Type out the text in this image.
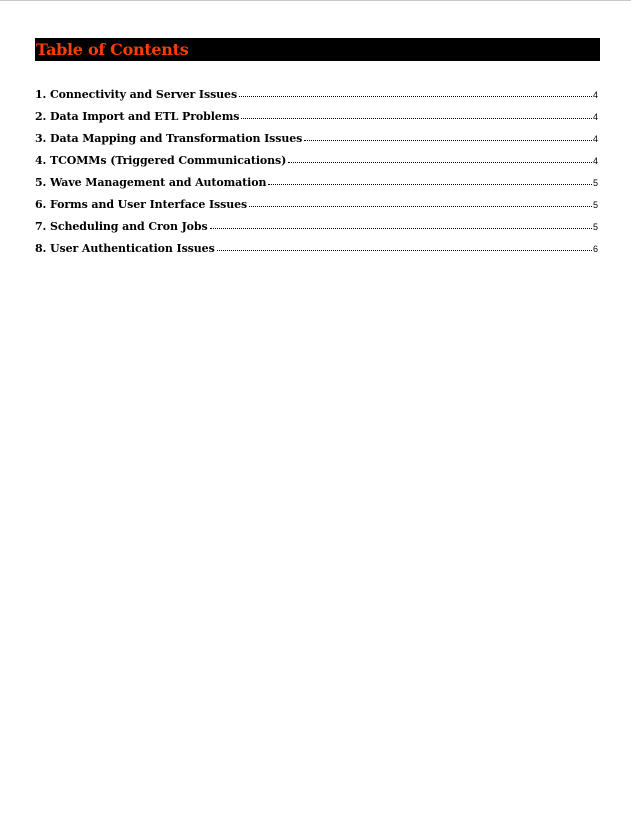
Table of Contents
1. Connectivity and Server Issues	4
2. Data Import and ETL Problems	4
3. Data Mapping and Transformation Issues	4
4. TCOMMs (Triggered Communications)	4
5. Wave Management and Automation	5
6. Forms and User Interface Issues	5
7. Scheduling and Cron Jobs	5
8. User Authentication Issues	6
